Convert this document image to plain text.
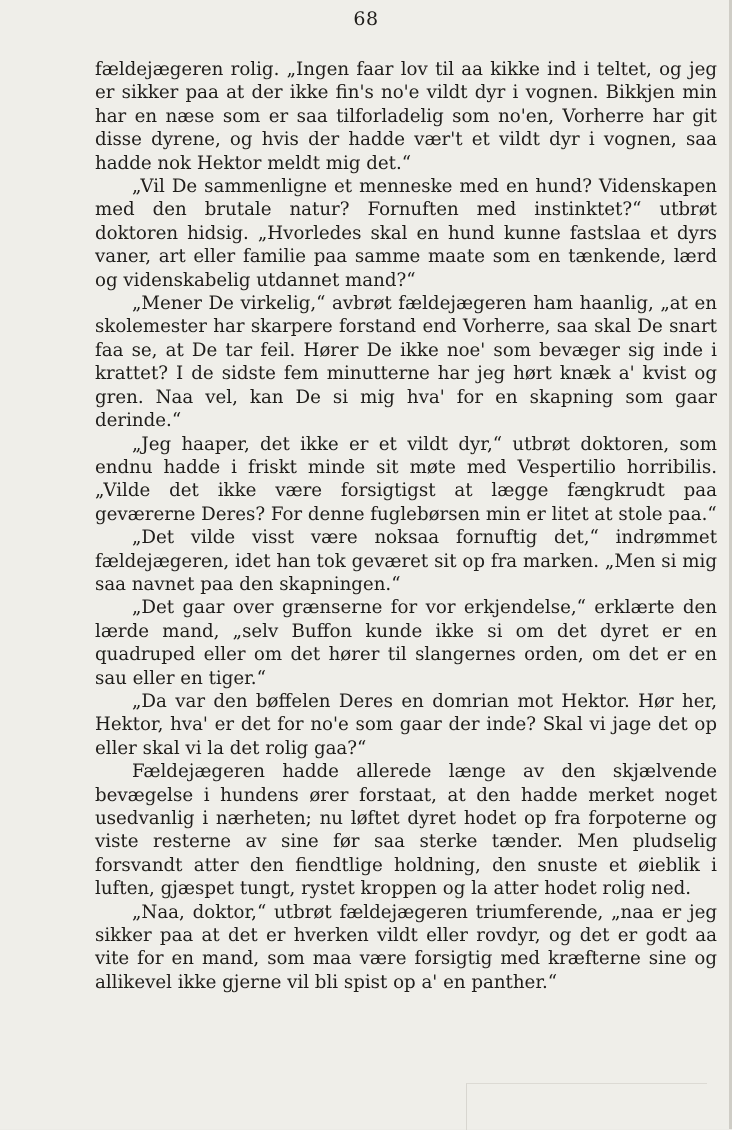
68

fældejægeren rolig. „Ingen faar lov til aa kikke ind i teltet, og jeg er sikker paa at der ikke fin's no'e vildt dyr i vognen. Bikkjen min har en næse som er saa tilforladelig som no'en, Vorherre har git disse dyrene, og hvis der hadde vær't et vildt dyr i vognen, saa hadde nok Hektor meldt mig det.“

„Vil De sammenligne et menneske med en hund? Videnskapen med den brutale natur? Fornuften med instinktet?“ utbrøt doktoren hidsig. „Hvorledes skal en hund kunne fastslaa et dyrs vaner, art eller familie paa samme maate som en tænkende, lærd og videnskabelig utdannet mand?“

„Mener De virkelig,“ avbrøt fældejægeren ham haanlig, „at en skolemester har skarpere forstand end Vorherre, saa skal De snart faa se, at De tar feil. Hører De ikke noe' som bevæger sig inde i krattet? I de sidste fem minutterne har jeg hørt knæk a' kvist og gren. Naa vel, kan De si mig hva' for en skapning som gaar derinde.“

„Jeg haaper, det ikke er et vildt dyr,“ utbrøt doktoren, som endnu hadde i friskt minde sit møte med Vespertilio horribilis. „Vilde det ikke være forsigtigst at lægge fængkrudt paa geværerne Deres? For denne fuglebørsen min er litet at stole paa.“

„Det vilde visst være noksaa fornuftig det,“ indrømmet fældejægeren, idet han tok geværet sit op fra marken. „Men si mig saa navnet paa den skapningen.“

„Det gaar over grænserne for vor erkjendelse,“ erklærte den lærde mand, „selv Buffon kunde ikke si om det dyret er en quadruped eller om det hører til slangernes orden, om det er en sau eller en tiger.“

„Da var den bøffelen Deres en domrian mot Hektor. Hør her, Hektor, hva' er det for no'e som gaar der inde? Skal vi jage det op eller skal vi la det rolig gaa?“

Fældejægeren hadde allerede længe av den skjælvende bevægelse i hundens ører forstaat, at den hadde merket noget usedvanlig i nærheten; nu løftet dyret hodet op fra forpoterne og viste resterne av sine før saa sterke tænder. Men pludselig forsvandt atter den fiendtlige holdning, den snuste et øieblik i luften, gjæspet tungt, rystet kroppen og la atter hodet rolig ned.

„Naa, doktor,“ utbrøt fældejægeren triumferende, „naa er jeg sikker paa at det er hverken vildt eller rovdyr, og det er godt aa vite for en mand, som maa være forsigtig med kræfterne sine og allikevel ikke gjerne vil bli spist op a' en panther.“
